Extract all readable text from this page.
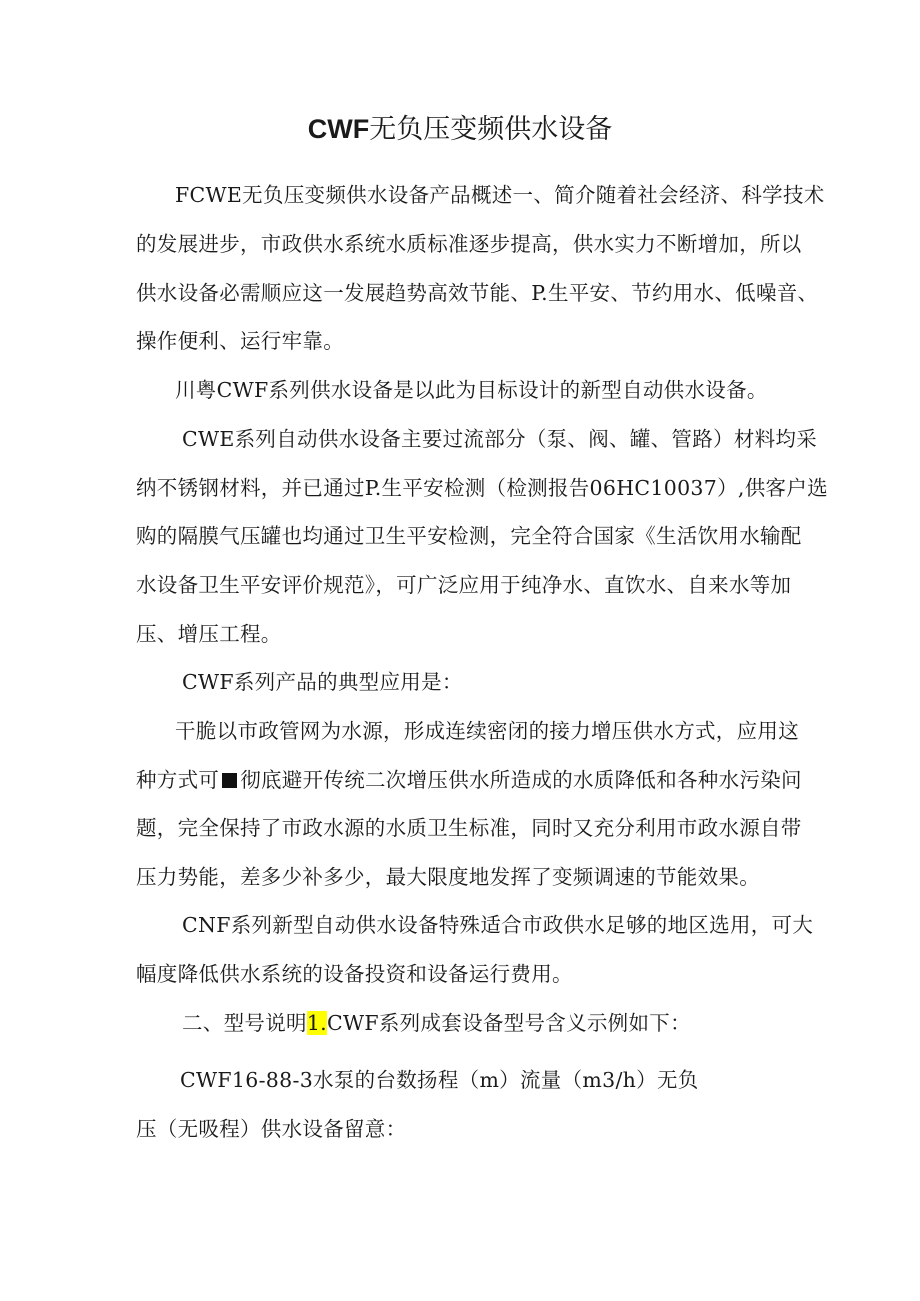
CWF无负压变频供水设备
FCWE无负压变频供水设备产品概述一、简介随着社会经济、科学技术
的发展进步，市政供水系统水质标准逐步提高，供水实力不断增加，所以
供水设备必需顺应这一发展趋势高效节能、P.生平安、节约用水、低噪音、
操作便利、运行牢靠。
川粤CWF系列供水设备是以此为目标设计的新型自动供水设备。
CWE系列自动供水设备主要过流部分（泵、阀、罐、管路）材料均采
纳不锈钢材料，并已通过P.生平安检测（检测报告06HC10037）,供客户选
购的隔膜气压罐也均通过卫生平安检测，完全符合国家《生活饮用水输配
水设备卫生平安评价规范》，可广泛应用于纯净水、直饮水、自来水等加
压、增压工程。
CWF系列产品的典型应用是：
干脆以市政管网为水源，形成连续密闭的接力增压供水方式，应用这
种方式可 彻底避开传统二次增压供水所造成的水质降低和各种水污染问
题，完全保持了市政水源的水质卫生标准，同时又充分利用市政水源自带
压力势能，差多少补多少，最大限度地发挥了变频调速的节能效果。
CNF系列新型自动供水设备特殊适合市政供水足够的地区选用，可大
幅度降低供水系统的设备投资和设备运行费用。
二、型号说明1.CWF系列成套设备型号含义示例如下：
CWF16-88-3水泵的台数扬程（m）流量（m3/h）无负
压（无吸程）供水设备留意：
